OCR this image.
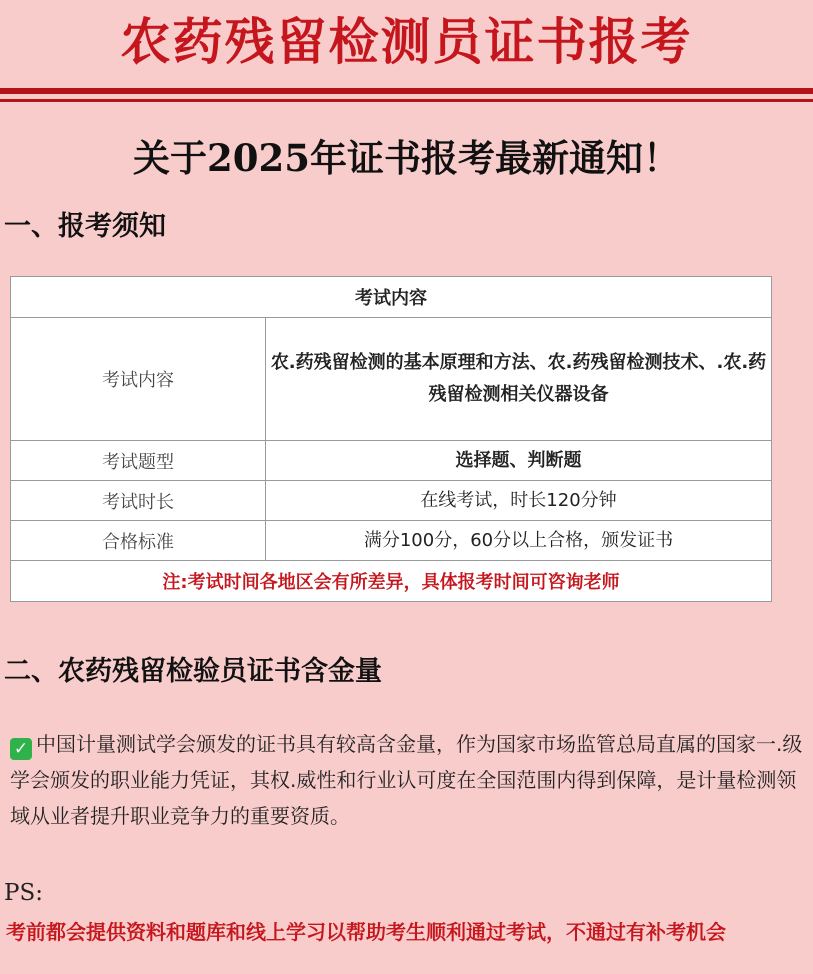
农药残留检测员证书报考
关于2025年证书报考最新通知！
一、报考须知
考试内容	
考试内容	农.药残留检测的基本原理和方法、农.药残留检测技术、.农.药残留检测相关仪器设备
考试题型	选择题、判断题
考试时长	在线考试，时长120分钟
合格标准	满分100分，60分以上合格，颁发证书
注:考试时间各地区会有所差异，具体报考时间可咨询老师	
二、农药残留检验员证书含金量
✓ 中国计量测试学会颁发的证书具有较高含金量，作为国家市场监管总局直属的国家一.级学会颁发的职业能力凭证，其权.威性和行业认可度在全国范围内得到保障，是计量检测领域从业者提升职业竞争力的重要资质。
PS:
考前都会提供资料和题库和线上学习以帮助考生顺利通过考试，不通过有补考机会
